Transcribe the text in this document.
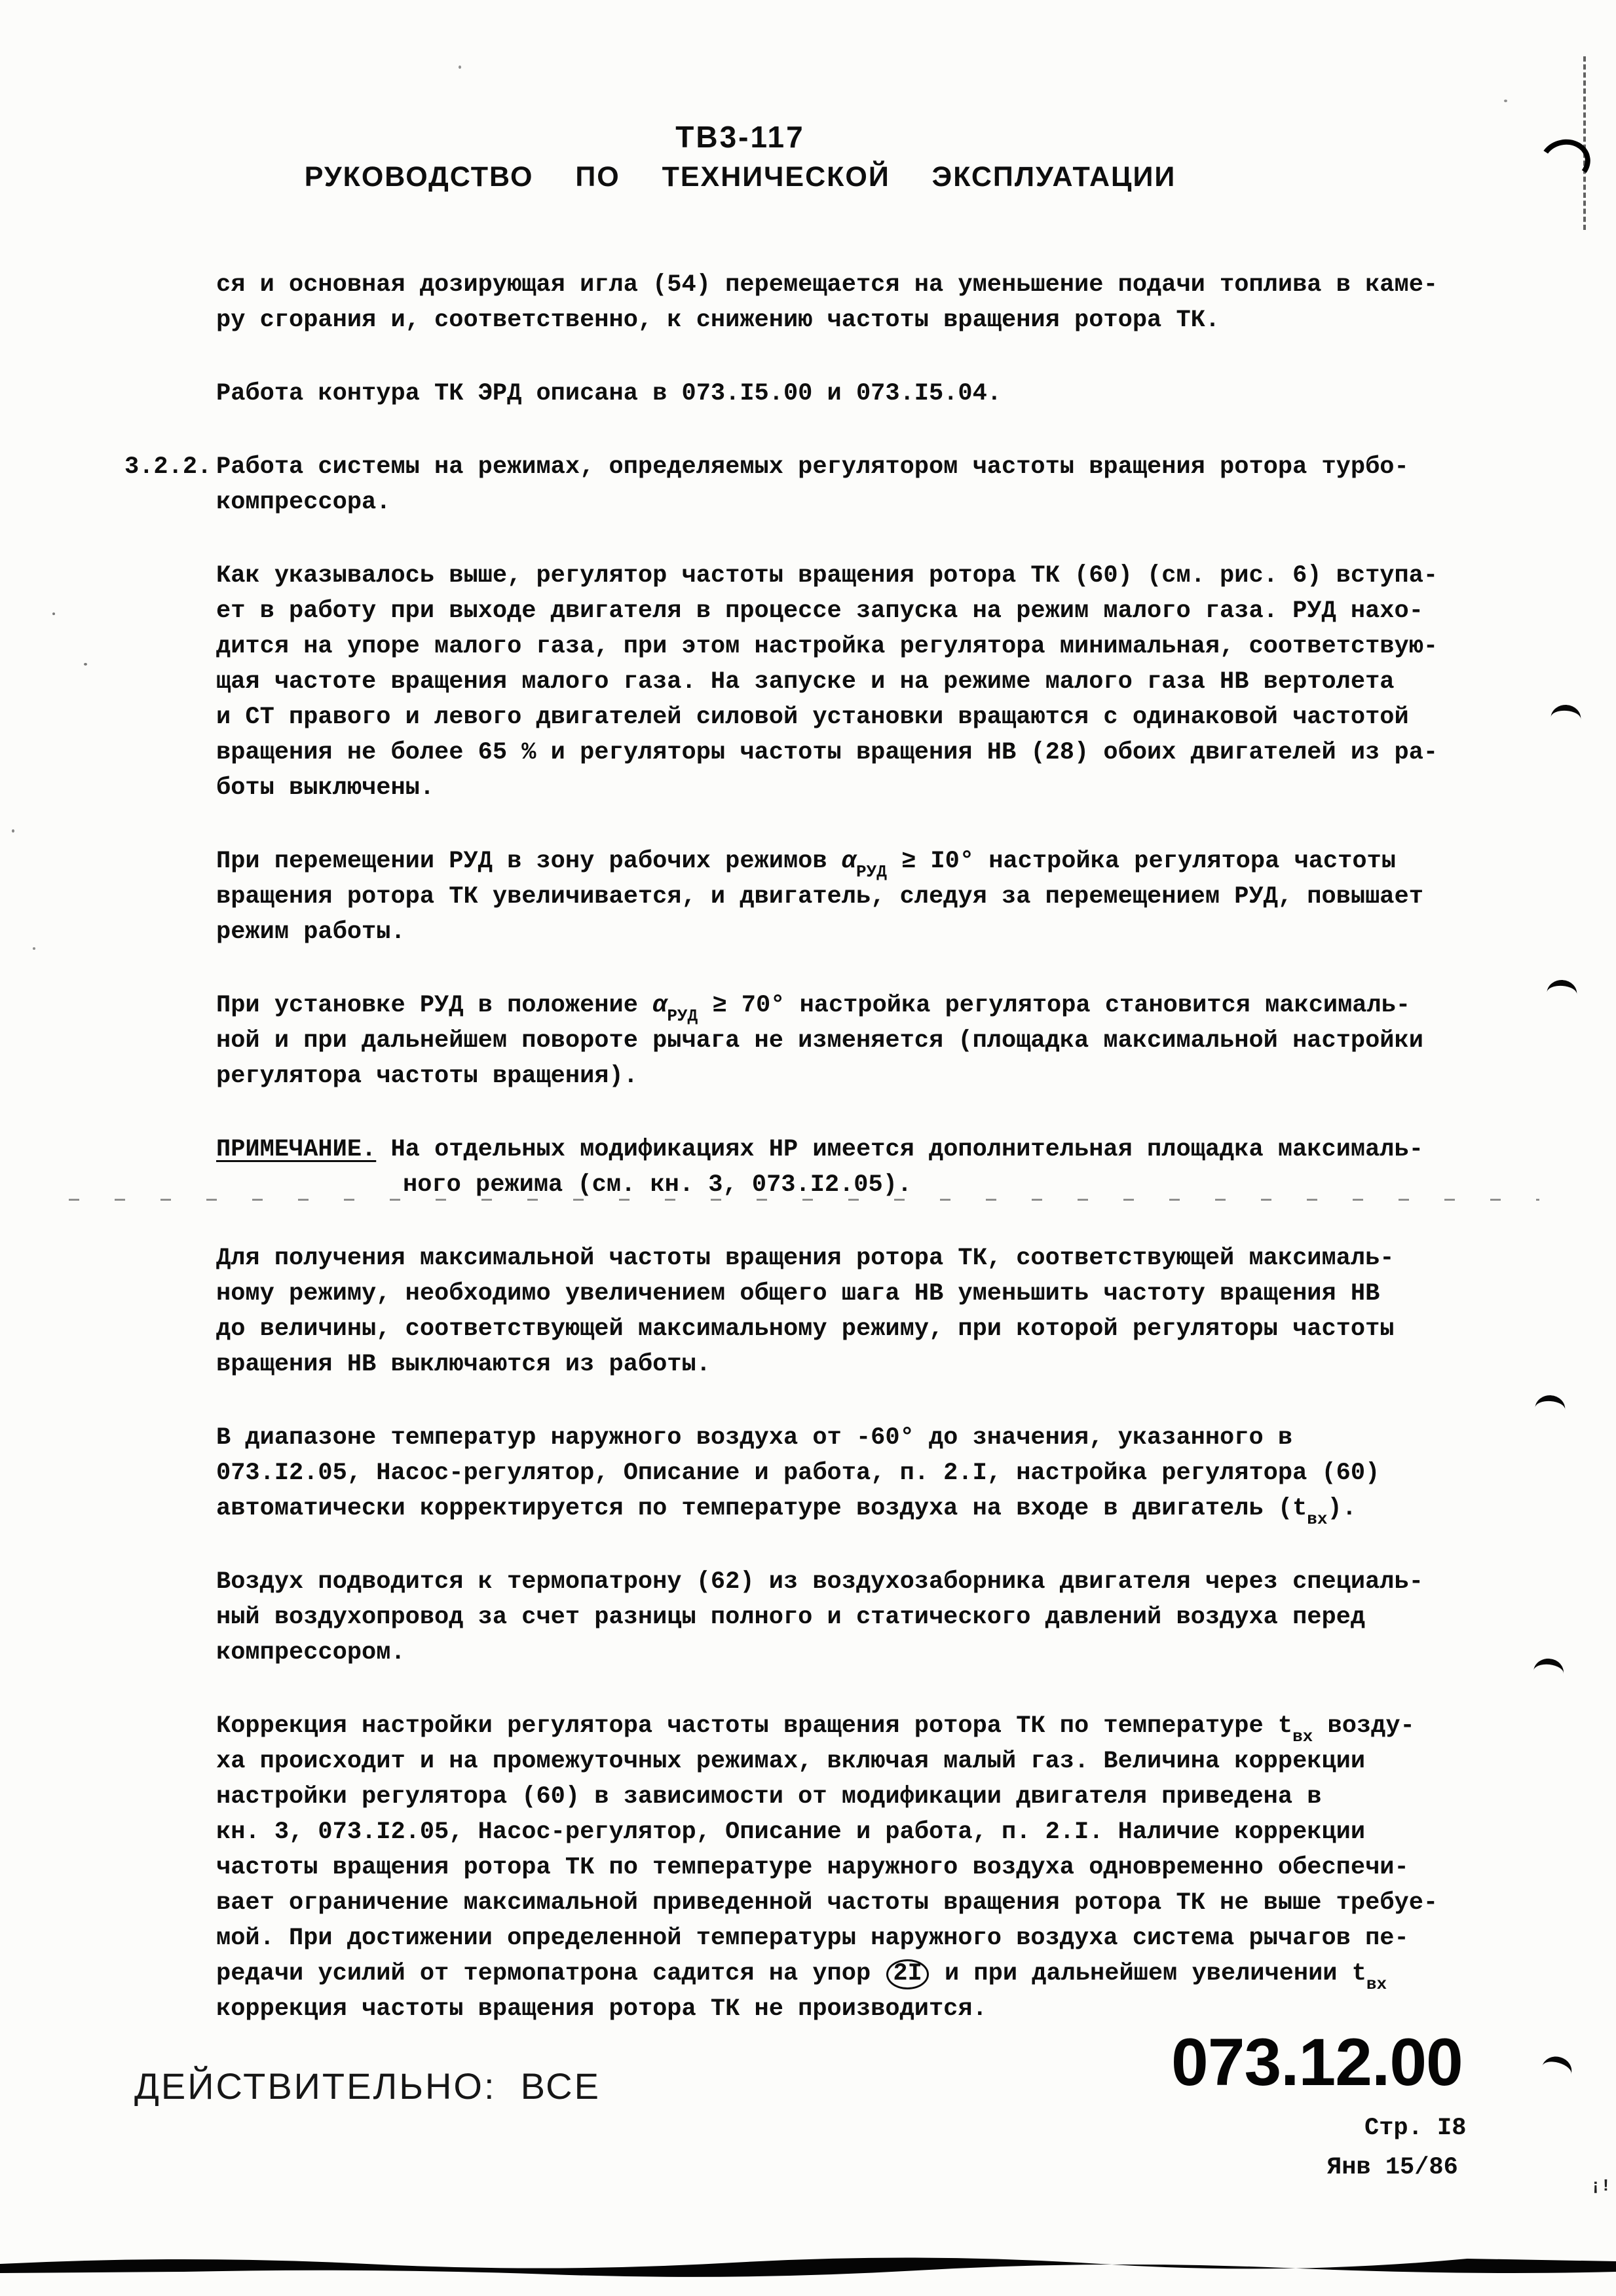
ТВ3-117
РУКОВОДСТВО  ПО  ТЕХНИЧЕСКОЙ  ЭКСПЛУАТАЦИИ
ся и основная дозирующая игла (54) перемещается на уменьшение подачи топлива в каме-
ру сгорания и, соответственно, к снижению частоты вращения ротора ТК.
Работа контура ТК ЭРД описана в 073.I5.00 и 073.I5.04.
3.2.2. Работа системы на режимах, определяемых регулятором частоты вращения ротора турбо-
компрессора.
Как указывалось выше, регулятор частоты вращения ротора ТК (60) (см. рис. 6) вступа-
ет в работу при выходе двигателя в процессе запуска на режим малого газа. РУД нахо-
дится на упоре малого газа, при этом настройка регулятора минимальная, соответствую-
щая частоте вращения малого газа. На запуске и на режиме малого газа НВ вертолета
и СТ правого и левого двигателей силовой установки вращаются с одинаковой частотой
вращения не более 65 % и регуляторы частоты вращения НВ (28) обоих двигателей из ра-
боты выключены.
При перемещении РУД в зону рабочих режимов $\alpha_{РУД} \ge I0^\circ$ настройка регулятора частоты
вращения ротора ТК увеличивается, и двигатель, следуя за перемещением РУД, повышает
режим работы.
При установке РУД в положение $\alpha_{РУД} \ge 70^\circ$ настройка регулятора становится максималь-
ной и при дальнейшем повороте рычага не изменяется (площадка максимальной настройки
регулятора частоты вращения).
ПРИМЕЧАНИЕ. На отдельных модификациях НР имеется дополнительная площадка максималь-
ного режима (см. кн. 3, 073.I2.05).
Для получения максимальной частоты вращения ротора ТК, соответствующей максималь-
ному режиму, необходимо увеличением общего шага НВ уменьшить частоту вращения НВ
до величины, соответствующей максимальному режиму, при которой регуляторы частоты
вращения НВ выключаются из работы.
В диапазоне температур наружного воздуха от -60° до значения, указанного в
073.I2.05, Насос-регулятор, Описание и работа, п. 2.I, настройка регулятора (60)
автоматически корректируется по температуре воздуха на входе в двигатель $(t_{вх})$.
Воздух подводится к термопатрону (62) из воздухозаборника двигателя через специаль-
ный воздухопровод за счет разницы полного и статического давлений воздуха перед
компрессором.
Коррекция настройки регулятора частоты вращения ротора ТК по температуре $t_{вх}$ возду-
ха происходит и на промежуточных режимах, включая малый газ. Величина коррекции
настройки регулятора (60) в зависимости от модификации двигателя приведена в
кн. 3, 073.I2.05, Насос-регулятор, Описание и работа, п. 2.I. Наличие коррекции
частоты вращения ротора ТК по температуре наружного воздуха одновременно обеспечи-
вает ограничение максимальной приведенной частоты вращения ротора ТК не выше требуе-
мой. При достижении определенной температуры наружного воздуха система рычагов пе-
редачи усилий от термопатрона садится на упор 2I и при дальнейшем увеличении $t_{вх}$
коррекция частоты вращения ротора ТК не производится.
ДЕЙСТВИТЕЛЬНО:  ВСЕ	073.12.00
Стр. I8
Янв 15/86
¡!
